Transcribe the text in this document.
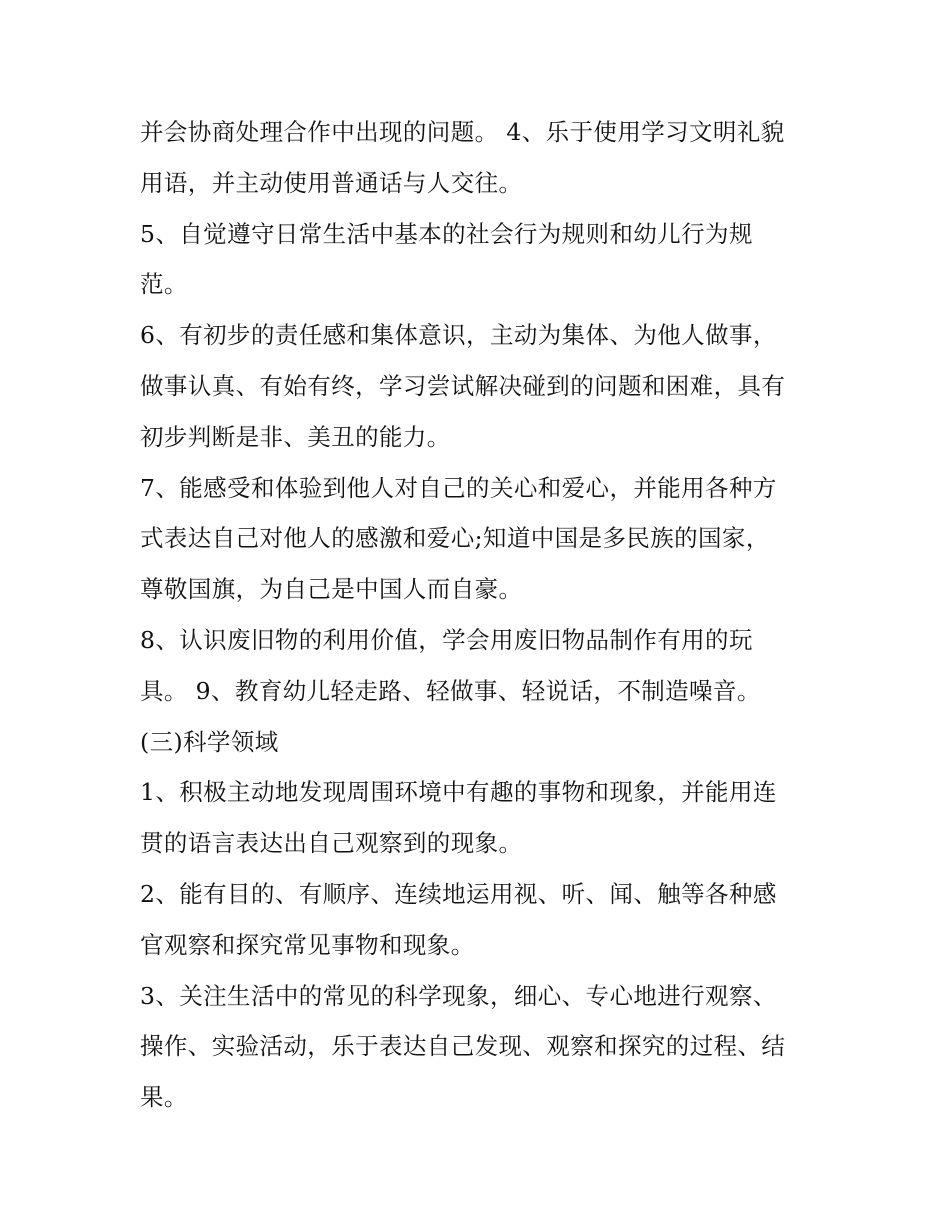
并会协商处理合作中出现的问题。 4、乐于使用学习文明礼貌

用语，并主动使用普通话与人交往。

5、自觉遵守日常生活中基本的社会行为规则和幼儿行为规

范。

6、有初步的责任感和集体意识，主动为集体、为他人做事，

做事认真、有始有终，学习尝试解决碰到的问题和困难，具有

初步判断是非、美丑的能力。

7、能感受和体验到他人对自己的关心和爱心，并能用各种方

式表达自己对他人的感激和爱心;知道中国是多民族的国家，

尊敬国旗，为自己是中国人而自豪。

8、认识废旧物的利用价值，学会用废旧物品制作有用的玩

具。 9、教育幼儿轻走路、轻做事、轻说话，不制造噪音。

(三)科学领域

1、积极主动地发现周围环境中有趣的事物和现象，并能用连

贯的语言表达出自己观察到的现象。

2、能有目的、有顺序、连续地运用视、听、闻、触等各种感

官观察和探究常见事物和现象。

3、关注生活中的常见的科学现象，细心、专心地进行观察、

操作、实验活动，乐于表达自己发现、观察和探究的过程、结

果。
